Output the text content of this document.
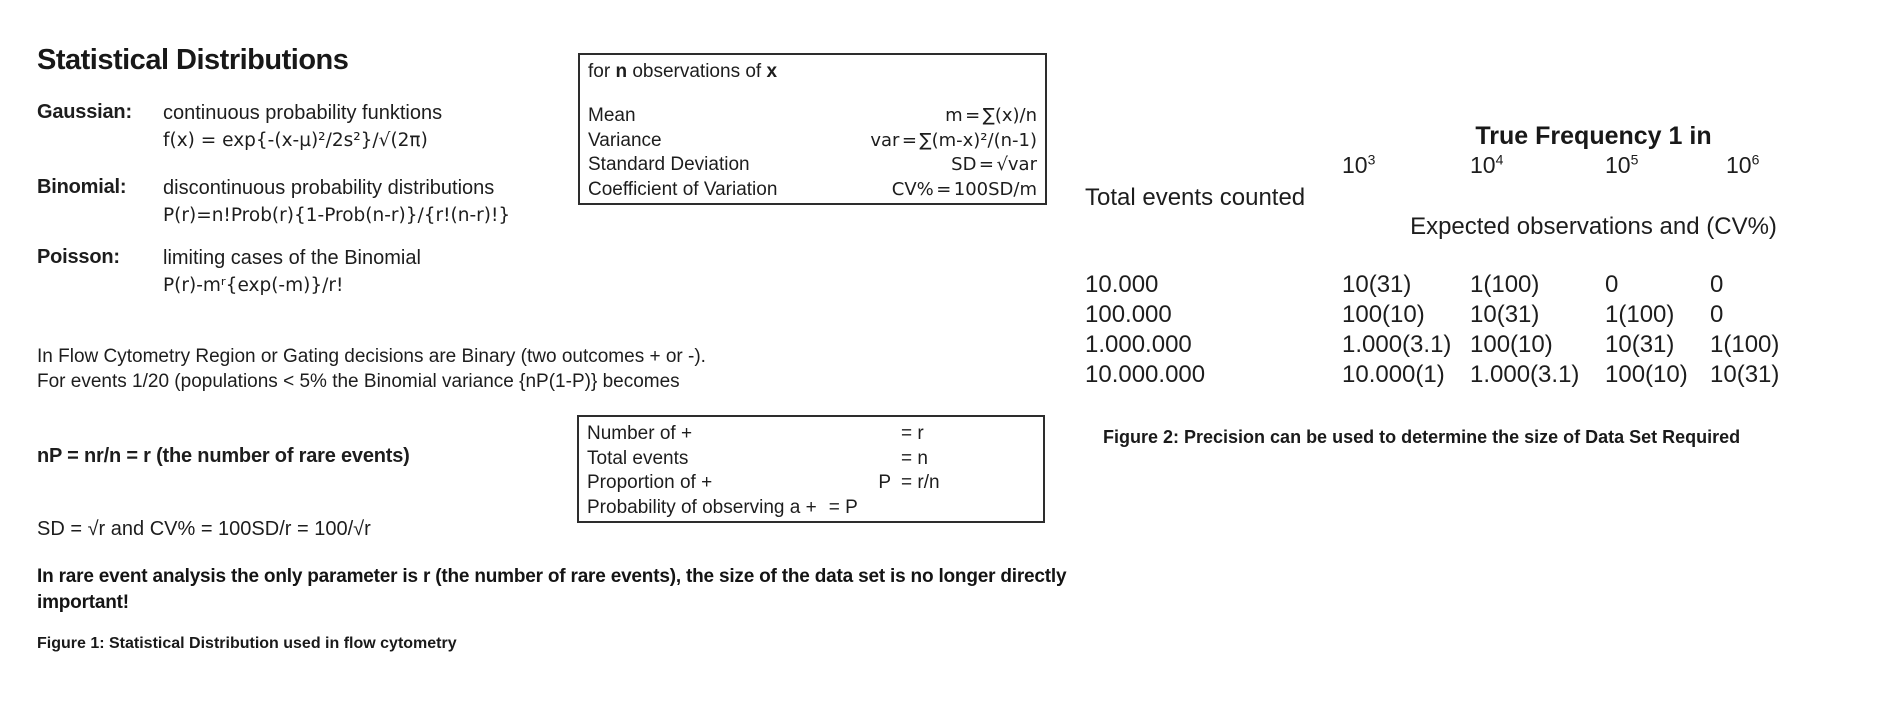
Statistical Distributions
Gaussian:	continuous probability funktions
f(x) = exp{-(x-µ)²/2s²}/√(2π)
Binomial:	discontinuous probability distributions
P(r)=n!Prob(r){1-Prob(n-r)}/{r!(n-r)!}
Poisson:	limiting cases of the Binomial
P(r)-mʳ{exp(-m)}/r!
for n observations of x
Mean	m = ∑(x)/n
Variance	var = ∑(m-x)²/(n-1)
Standard Deviation	SD = √var
Coefficient of Variation	CV% = 100SD/m
In Flow Cytometry Region or Gating decisions are Binary (two outcomes + or -).
For events 1/20 (populations < 5% the Binomial variance {nP(1-P)} becomes
nP = nr/n = r (the number of rare events)
Number of +	= r
Total events	= n
Proportion of +	P = r/n
Probability of observing a + = P
SD = √r and CV% = 100SD/r = 100/√r
In rare event analysis the only parameter is r (the number of rare events), the size of the data set is no longer directly important!
Figure 1: Statistical Distribution used in flow cytometry
True Frequency 1 in
$10^3$	$10^4$	$10^5$	$10^6$
Total events counted
Expected observations and (CV%)
10.000	10(31)	1(100)	0	0
100.000	100(10)	10(31)	1(100)	0
1.000.000	1.000(3.1) 100(10)	10(31)	1(100)
10.000.000	10.000(1)	1.000(3.1)	100(10) 10(31)
Figure 2: Precision can be used to determine the size of Data Set Required
